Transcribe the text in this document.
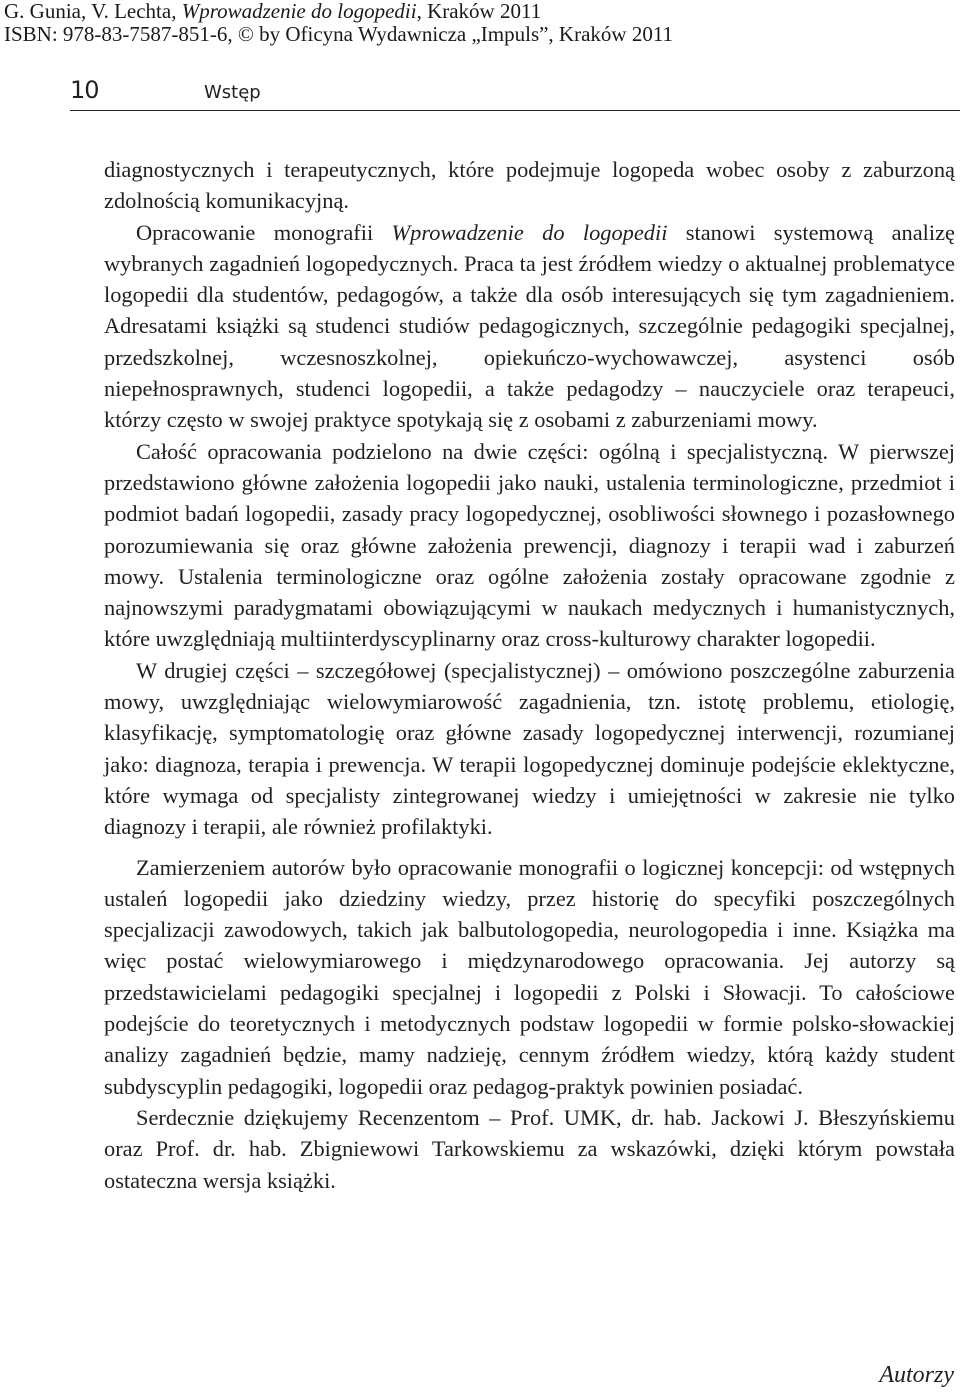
G. Gunia, V. Lechta, Wprowadzenie do logopedii, Kraków 2011
ISBN: 978-83-7587-851-6, © by Oficyna Wydawnicza „Impuls”, Kraków 2011
10	Wstęp

diagnostycznych i terapeutycznych, które podejmuje logopeda wobec osoby z zaburzoną zdolnością komunikacyjną.

Opracowanie monografii Wprowadzenie do logopedii stanowi systemową analizę wybranych zagadnień logopedycznych. Praca ta jest źródłem wiedzy o aktualnej problematyce logopedii dla studentów, pedagogów, a także dla osób interesujących się tym zagadnieniem. Adresatami książki są studenci studiów pedagogicznych, szczególnie pedagogiki specjalnej, przedszkolnej, wczesnoszkolnej, opiekuńczo-wychowawczej, asystenci osób niepełnosprawnych, studenci logopedii, a także pedagodzy – nauczyciele oraz terapeuci, którzy często w swojej praktyce spotykają się z osobami z zaburzeniami mowy.

Całość opracowania podzielono na dwie części: ogólną i specjalistyczną. W pierwszej przedstawiono główne założenia logopedii jako nauki, ustalenia terminologiczne, przedmiot i podmiot badań logopedii, zasady pracy logopedycznej, osobliwości słownego i pozasłownego porozumiewania się oraz główne założenia prewencji, diagnozy i terapii wad i zaburzeń mowy. Ustalenia terminologiczne oraz ogólne założenia zostały opracowane zgodnie z najnowszymi paradygmatami obowiązującymi w naukach medycznych i humanistycznych, które uwzględniają multiinterdyscyplinarny oraz cross-kulturowy charakter logopedii.

W drugiej części – szczegółowej (specjalistycznej) – omówiono poszczególne zaburzenia mowy, uwzględniając wielowymiarowość zagadnienia, tzn. istotę problemu, etiologię, klasyfikację, symptomatologię oraz główne zasady logopedycznej interwencji, rozumianej jako: diagnoza, terapia i prewencja. W terapii logopedycznej dominuje podejście eklektyczne, które wymaga od specjalisty zintegrowanej wiedzy i umiejętności w zakresie nie tylko diagnozy i terapii, ale również profilaktyki.

Zamierzeniem autorów było opracowanie monografii o logicznej koncepcji: od wstępnych ustaleń logopedii jako dziedziny wiedzy, przez historię do specyfiki poszczególnych specjalizacji zawodowych, takich jak balbutologopedia, neurologopedia i inne. Książka ma więc postać wielowymiarowego i międzynarodowego opracowania. Jej autorzy są przedstawicielami pedagogiki specjalnej i logopedii z Polski i Słowacji. To całościowe podejście do teoretycznych i metodycznych podstaw logopedii w formie polsko-słowackiej analizy zagadnień będzie, mamy nadzieję, cennym źródłem wiedzy, którą każdy student subdyscyplin pedagogiki, logopedii oraz pedagog-praktyk powinien posiadać.

Serdecznie dziękujemy Recenzentom – Prof. UMK, dr. hab. Jackowi J. Błeszyńskiemu oraz Prof. dr. hab. Zbigniewowi Tarkowskiemu za wskazówki, dzięki którym powstała ostateczna wersja książki.

Autorzy
